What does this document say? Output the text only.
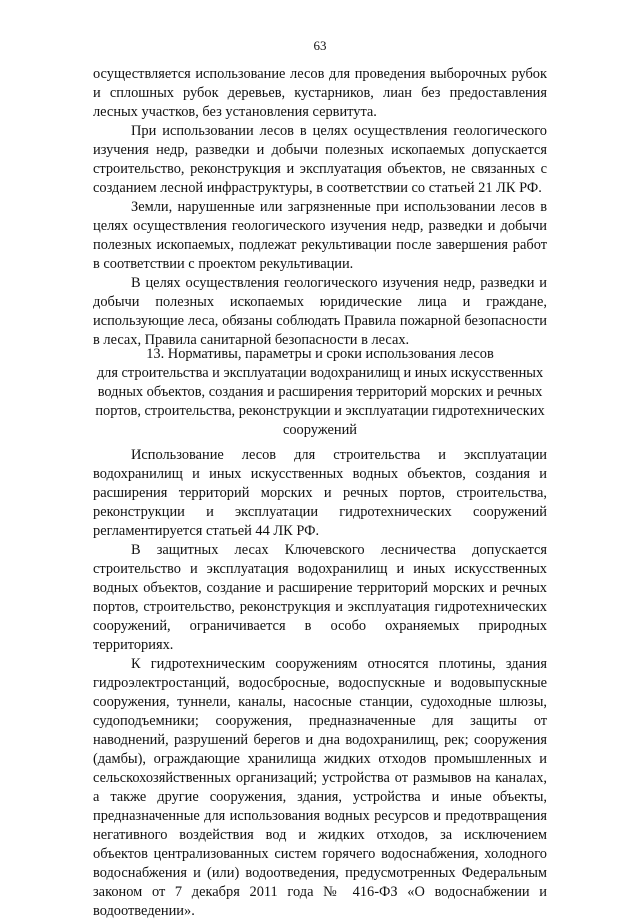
63

осуществляется использование лесов для проведения выборочных рубок и сплошных рубок деревьев, кустарников, лиан без предоставления лесных участков, без установления сервитута.

При использовании лесов в целях осуществления геологического изучения недр, разведки и добычи полезных ископаемых допускается строительство, реконструкция и эксплуатация объектов, не связанных с созданием лесной инфраструктуры, в соответствии со статьей 21 ЛК РФ.

Земли, нарушенные или загрязненные при использовании лесов в целях осуществления геологического изучения недр, разведки и добычи полезных ископаемых, подлежат рекультивации после завершения работ в соответствии с проектом рекультивации.

В целях осуществления геологического изучения недр, разведки и добычи полезных ископаемых юридические лица и граждане, использующие леса, обязаны соблюдать Правила пожарной безопасности в лесах, Правила санитарной безопасности в лесах.

13. Нормативы, параметры и сроки использования лесов
для строительства и эксплуатации водохранилищ и иных искусственных
водных объектов, создания и расширения территорий морских и речных
портов, строительства, реконструкции и эксплуатации гидротехнических
сооружений

Использование лесов для строительства и эксплуатации водохранилищ и иных искусственных водных объектов, создания и расширения территорий морских и речных портов, строительства, реконструкции и эксплуатации гидротехнических сооружений регламентируется статьей 44 ЛК РФ.

В защитных лесах Ключевского лесничества допускается строительство и эксплуатация водохранилищ и иных искусственных водных объектов, создание и расширение территорий морских и речных портов, строительство, реконструкция и эксплуатация гидротехнических сооружений, ограничивается в особо охраняемых природных территориях.

К гидротехническим сооружениям относятся плотины, здания гидроэлектростанций, водосбросные, водоспускные и водовыпускные сооружения, туннели, каналы, насосные станции, судоходные шлюзы, судоподъемники; сооружения, предназначенные для защиты от наводнений, разрушений берегов и дна водохранилищ, рек; сооружения (дамбы), ограждающие хранилища жидких отходов промышленных и сельскохозяйственных организаций; устройства от размывов на каналах, а также другие сооружения, здания, устройства и иные объекты, предназначенные для использования водных ресурсов и предотвращения негативного воздействия вод и жидких отходов, за исключением объектов централизованных систем горячего водоснабжения, холодного водоснабжения и (или) водоотведения, предусмотренных Федеральным законом от 7 декабря 2011 года № 416-ФЗ «О водоснабжении и водоотведении».
